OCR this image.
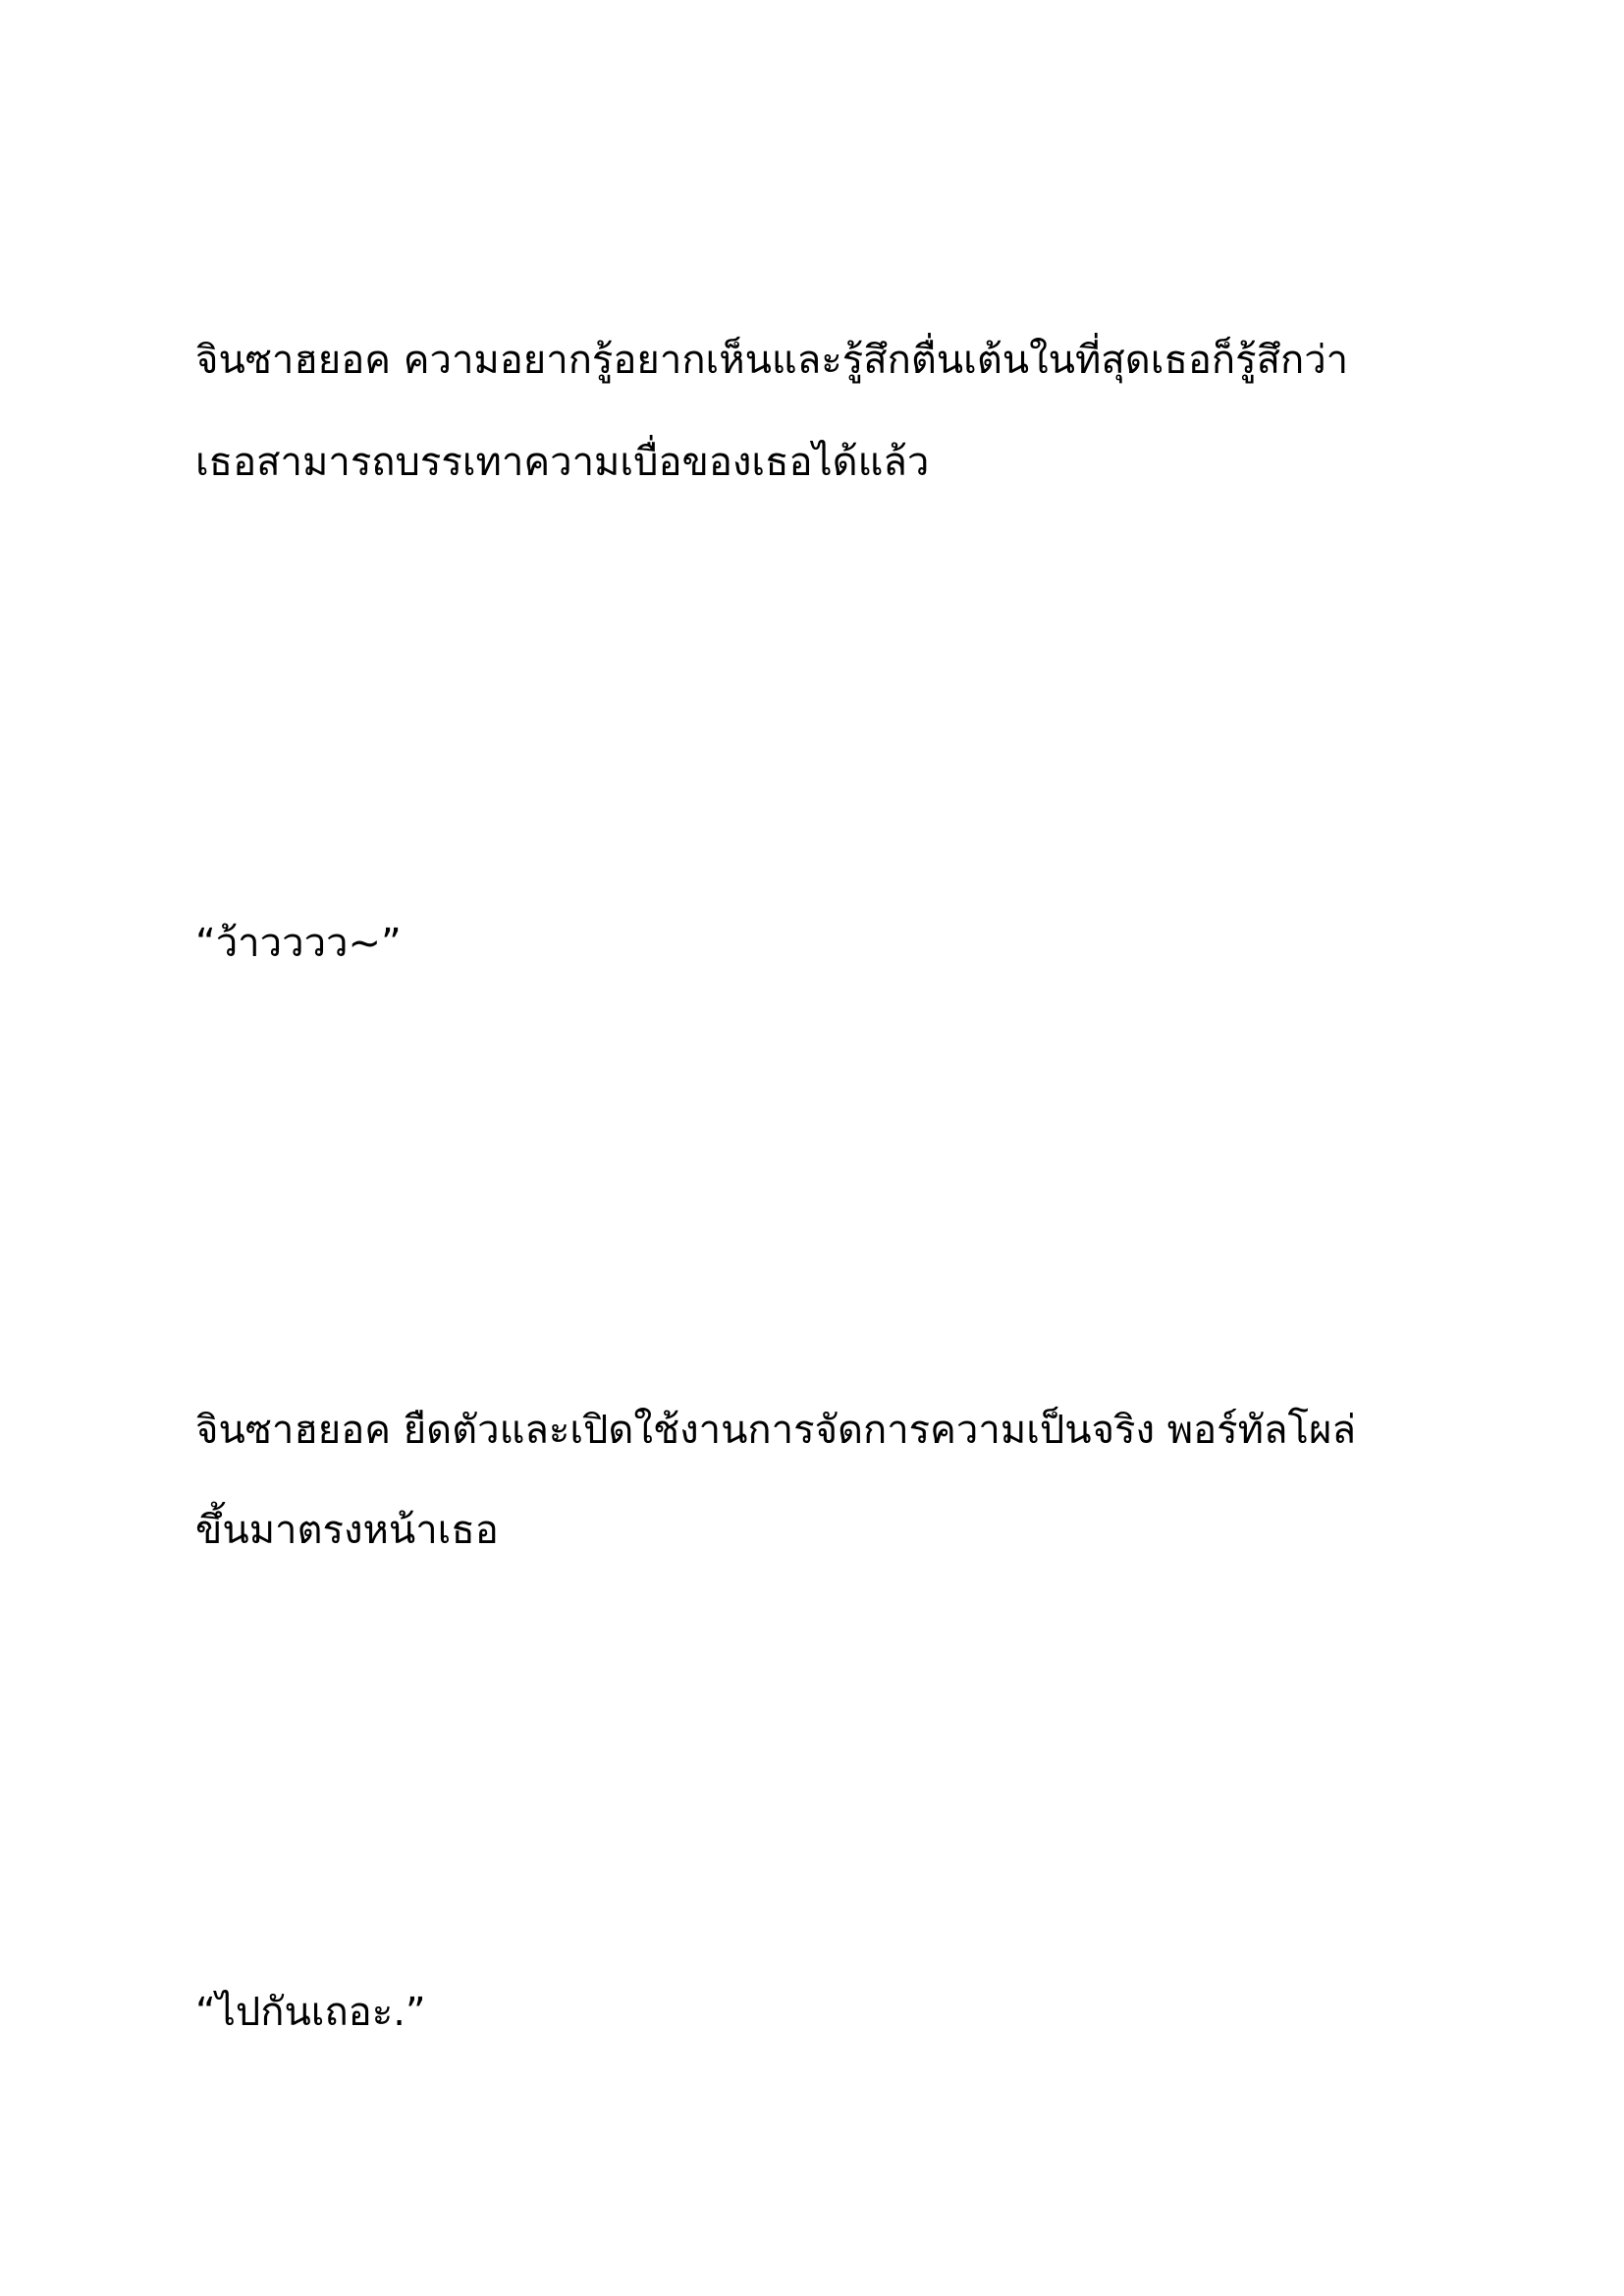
จินซาฮยอค ความอยากรู้อยากเห็นและรู้สึกตื่นเต้นในที่สุดเธอก็รู้สึกว่า
เธอสามารถบรรเทาความเบื่อของเธอได้แล้ว
“ว้าวววว~”
จินซาฮยอค ยืดตัวและเปิดใช้งานการจัดการความเป็นจริง พอร์ทัลโผล่
ขึ้นมาตรงหน้าเธอ
“ไปกันเถอะ.”
